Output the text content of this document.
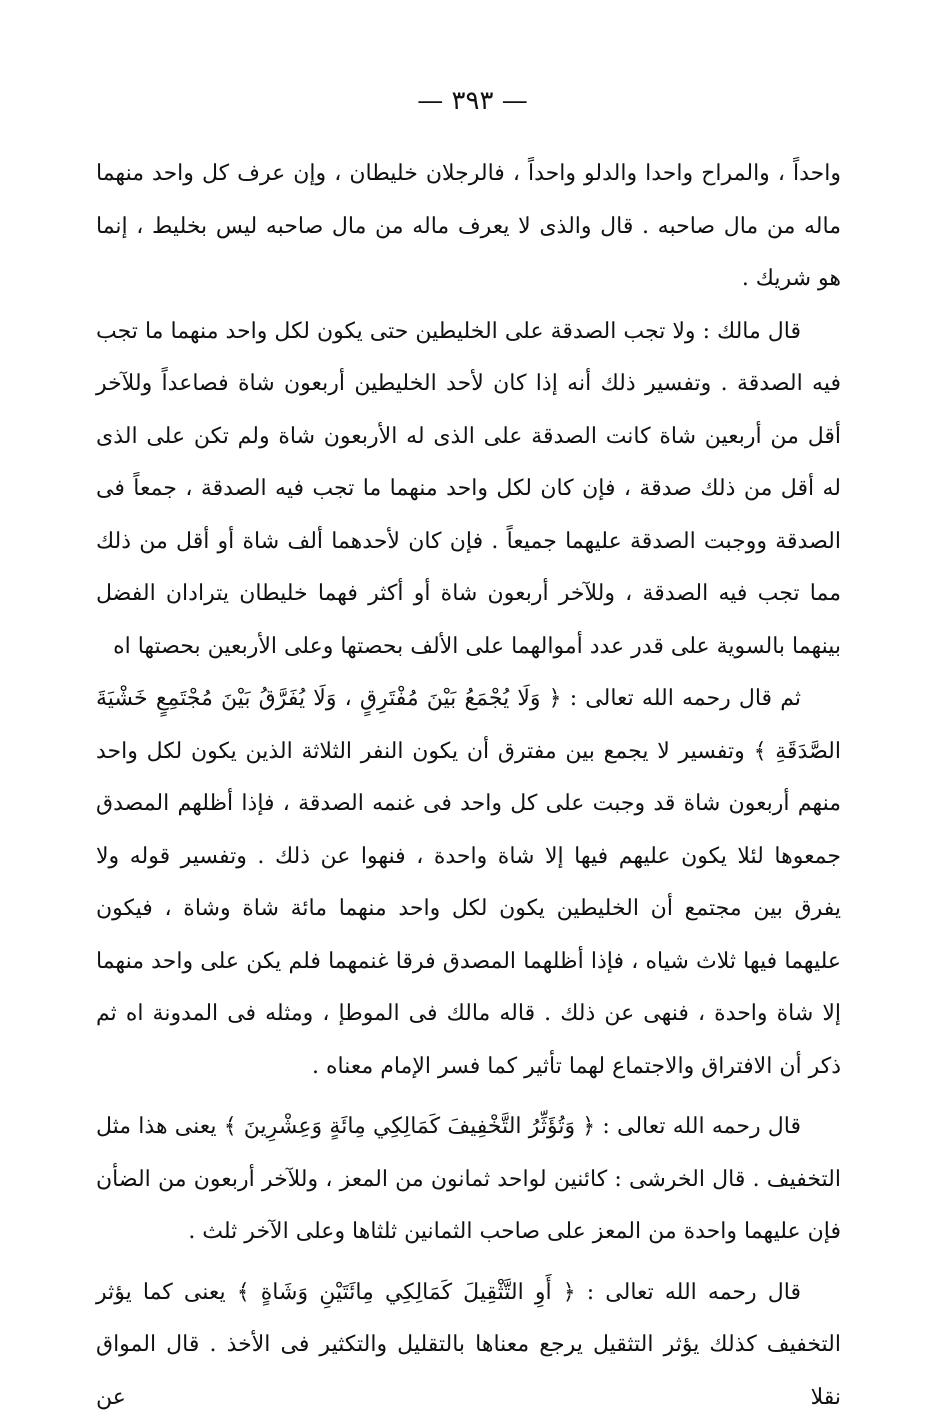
— ٣٩٣ —

واحداً ، والمراح واحدا والدلو واحداً ، فالرجلان خليطان ، وإن عرف كل واحد منهما ماله من مال صاحبه . قال والذى لا يعرف ماله من مال صاحبه ليس بخليط ، إنما هو شريك .

قال مالك : ولا تجب الصدقة على الخليطين حتى يكون لكل واحد منهما ما تجب فيه الصدقة . وتفسير ذلك أنه إذا كان لأحد الخليطين أربعون شاة فصاعداً وللآخر أقل من أربعين شاة كانت الصدقة على الذى له الأربعون شاة ولم تكن على الذى له أقل من ذلك صدقة ، فإن كان لكل واحد منهما ما تجب فيه الصدقة ، جمعاً فى الصدقة ووجبت الصدقة عليهما جميعاً . فإن كان لأحدهما ألف شاة أو أقل من ذلك مما تجب فيه الصدقة ، وللآخر أربعون شاة أو أكثر فهما خليطان يترادان الفضل بينهما بالسوية على قدر عدد أموالهما على الألف بحصتها وعلى الأربعين بحصتها اه

ثم قال رحمه الله تعالى : ﴿ وَلَا يُجْمَعُ بَيْنَ مُفْتَرِقٍ ، وَلَا يُفَرَّقُ بَيْنَ مُجْتَمِعٍ خَشْيَةَ الصَّدَقَةِ ﴾ وتفسير لا يجمع بين مفترق أن يكون النفر الثلاثة الذين يكون لكل واحد منهم أربعون شاة قد وجبت على كل واحد فى غنمه الصدقة ، فإذا أظلهم المصدق جمعوها لئلا يكون عليهم فيها إلا شاة واحدة ، فنهوا عن ذلك . وتفسير قوله ولا يفرق بين مجتمع أن الخليطين يكون لكل واحد منهما مائة شاة وشاة ، فيكون عليهما فيها ثلاث شياه ، فإذا أظلهما المصدق فرقا غنمهما فلم يكن على واحد منهما إلا شاة واحدة ، فنهى عن ذلك . قاله مالك فى الموطإ ، ومثله فى المدونة اه ثم ذكر أن الافتراق والاجتماع لهما تأثير كما فسر الإمام معناه .

قال رحمه الله تعالى : ﴿ وَتُؤَثِّرُ التَّخْفِيفَ كَمَالِكِي مِائَةٍ وَعِشْرِينَ ﴾ يعنى هذا مثل التخفيف . قال الخرشى : كائنين لواحد ثمانون من المعز ، وللآخر أربعون من الضأن فإن عليهما واحدة من المعز على صاحب الثمانين ثلثاها وعلى الآخر ثلث .

قال رحمه الله تعالى : ﴿ أَوِ التَّثْقِيلَ كَمَالِكِي مِائَتَيْنِ وَشَاةٍ ﴾ يعنى كما يؤثر التخفيف كذلك يؤثر التثقيل يرجع معناها بالتقليل والتكثير فى الأخذ . قال المواق نقلا عن
